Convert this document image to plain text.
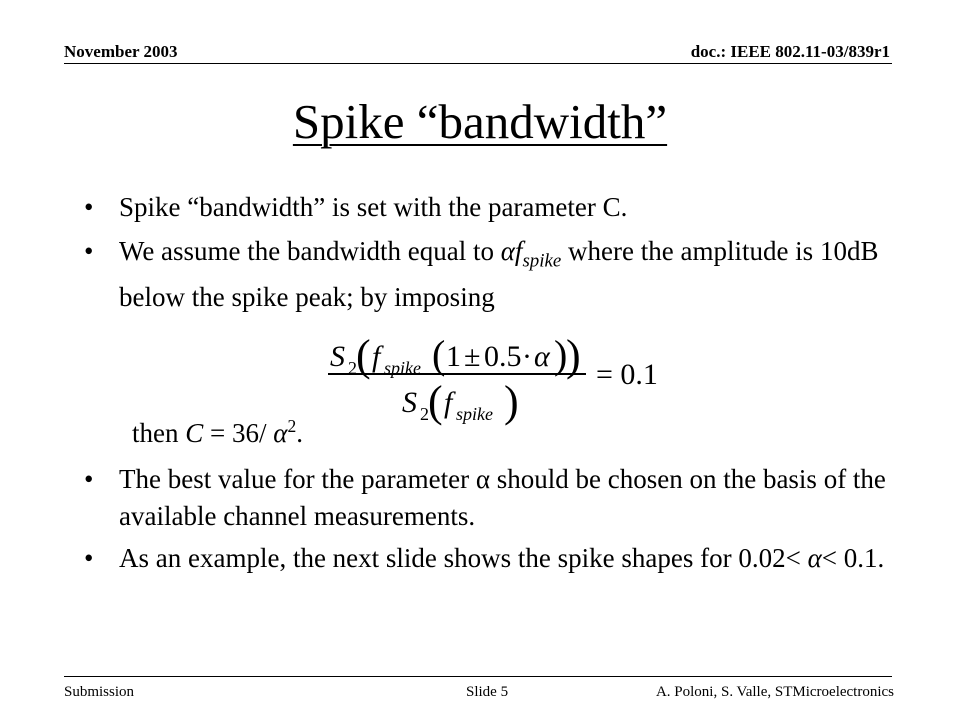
November 2003	doc.: IEEE 802.11-03/839r1
Spike “bandwidth”
• Spike “bandwidth” is set with the parameter C.
• We assume the bandwidth equal to $\alpha f_{spike}$ where the amplitude is 10dB below the spike peak; by imposing
S 2 ( f spike ( 1 ± 0.5 · α )
)
S 2 ( f spike )
= 0.1
then C = 36/ $\alpha^2$.
• The best value for the parameter α should be chosen on the basis of the available channel measurements.
• As an example, the next slide shows the spike shapes for 0.02< α< 0.1.
Submission	Slide 5	A. Poloni, S. Valle, STMicroelectronics
